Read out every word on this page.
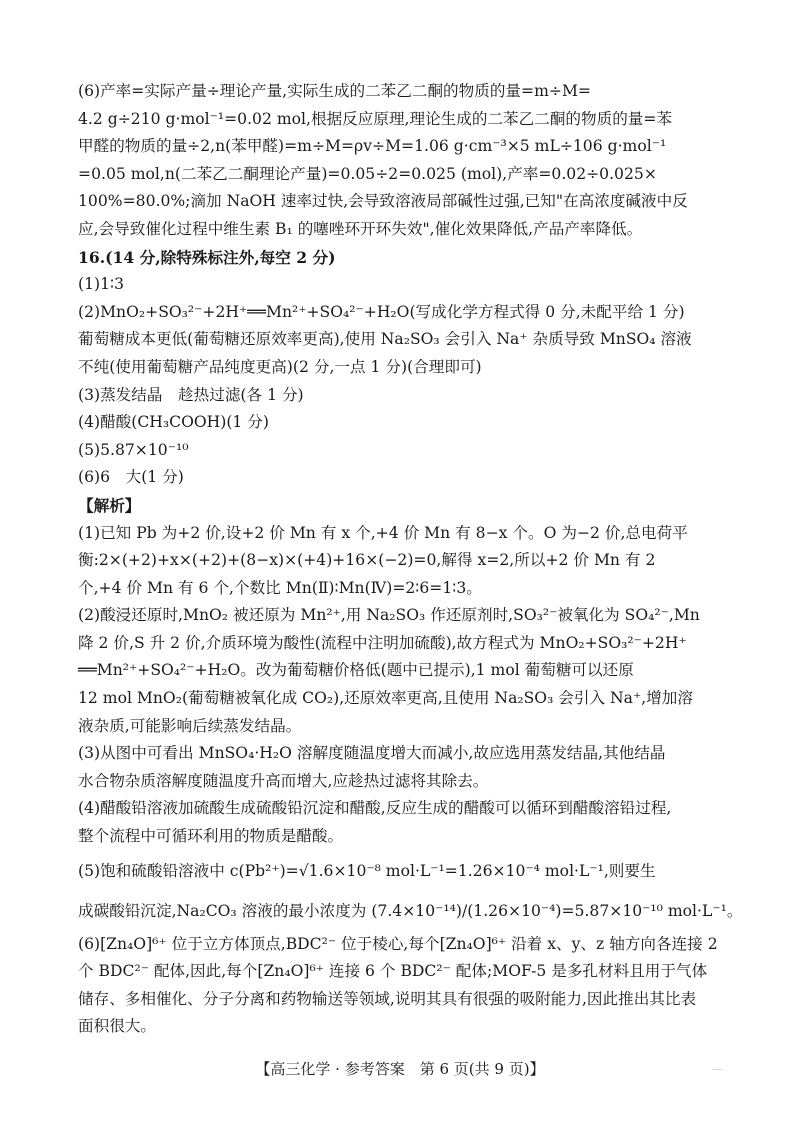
(6)产率=实际产量÷理论产量,实际生成的二苯乙二酮的物质的量=m÷M=
4.2 g÷210 g·mol⁻¹=0.02 mol,根据反应原理,理论生成的二苯乙二酮的物质的量=苯
甲醛的物质的量÷2,n(苯甲醛)=m÷M=ρv÷M=1.06 g·cm⁻³×5 mL÷106 g·mol⁻¹
=0.05 mol,n(二苯乙二酮理论产量)=0.05÷2=0.025 (mol),产率=0.02÷0.025×
100%=80.0%;滴加 NaOH 速率过快,会导致溶液局部碱性过强,已知"在高浓度碱液中反
应,会导致催化过程中维生素 B₁ 的噻唑环开环失效",催化效果降低,产品产率降低。
16.(14 分,除特殊标注外,每空 2 分)
(1)1∶3
(2)MnO₂+SO₃²⁻+2H⁺══Mn²⁺+SO₄²⁻+H₂O(写成化学方程式得 0 分,未配平给 1 分)
葡萄糖成本更低(葡萄糖还原效率更高),使用 Na₂SO₃ 会引入 Na⁺ 杂质导致 MnSO₄ 溶液
不纯(使用葡萄糖产品纯度更高)(2 分,一点 1 分)(合理即可)
(3)蒸发结晶　趁热过滤(各 1 分)
(4)醋酸(CH₃COOH)(1 分)
(5)5.87×10⁻¹⁰
(6)6　大(1 分)
【解析】
(1)已知 Pb 为+2 价,设+2 价 Mn 有 x 个,+4 价 Mn 有 8−x 个。O 为−2 价,总电荷平
衡:2×(+2)+x×(+2)+(8−x)×(+4)+16×(−2)=0,解得 x=2,所以+2 价 Mn 有 2
个,+4 价 Mn 有 6 个,个数比 Mn(Ⅱ)∶Mn(Ⅳ)=2∶6=1∶3。
(2)酸浸还原时,MnO₂ 被还原为 Mn²⁺,用 Na₂SO₃ 作还原剂时,SO₃²⁻被氧化为 SO₄²⁻,Mn
降 2 价,S 升 2 价,介质环境为酸性(流程中注明加硫酸),故方程式为 MnO₂+SO₃²⁻+2H⁺
══Mn²⁺+SO₄²⁻+H₂O。改为葡萄糖价格低(题中已提示),1 mol 葡萄糖可以还原
12 mol MnO₂(葡萄糖被氧化成 CO₂),还原效率更高,且使用 Na₂SO₃ 会引入 Na⁺,增加溶
液杂质,可能影响后续蒸发结晶。
(3)从图中可看出 MnSO₄·H₂O 溶解度随温度增大而减小,故应选用蒸发结晶,其他结晶
水合物杂质溶解度随温度升高而增大,应趁热过滤将其除去。
(4)醋酸铅溶液加硫酸生成硫酸铅沉淀和醋酸,反应生成的醋酸可以循环到醋酸溶铅过程,
整个流程中可循环利用的物质是醋酸。
(5)饱和硫酸铅溶液中 c(Pb²⁺)=√1.6×10⁻⁸ mol·L⁻¹=1.26×10⁻⁴ mol·L⁻¹,则要生
成碳酸铅沉淀,Na₂CO₃ 溶液的最小浓度为 (7.4×10⁻¹⁴)/(1.26×10⁻⁴)=5.87×10⁻¹⁰ mol·L⁻¹。
(6)[Zn₄O]⁶⁺ 位于立方体顶点,BDC²⁻ 位于棱心,每个[Zn₄O]⁶⁺ 沿着 x、y、z 轴方向各连接 2
个 BDC²⁻ 配体,因此,每个[Zn₄O]⁶⁺ 连接 6 个 BDC²⁻ 配体;MOF-5 是多孔材料且用于气体
储存、多相催化、分子分离和药物输送等领域,说明其具有很强的吸附能力,因此推出其比表
面积很大。
【高三化学 · 参考答案　第 6 页(共 9 页)】	—
